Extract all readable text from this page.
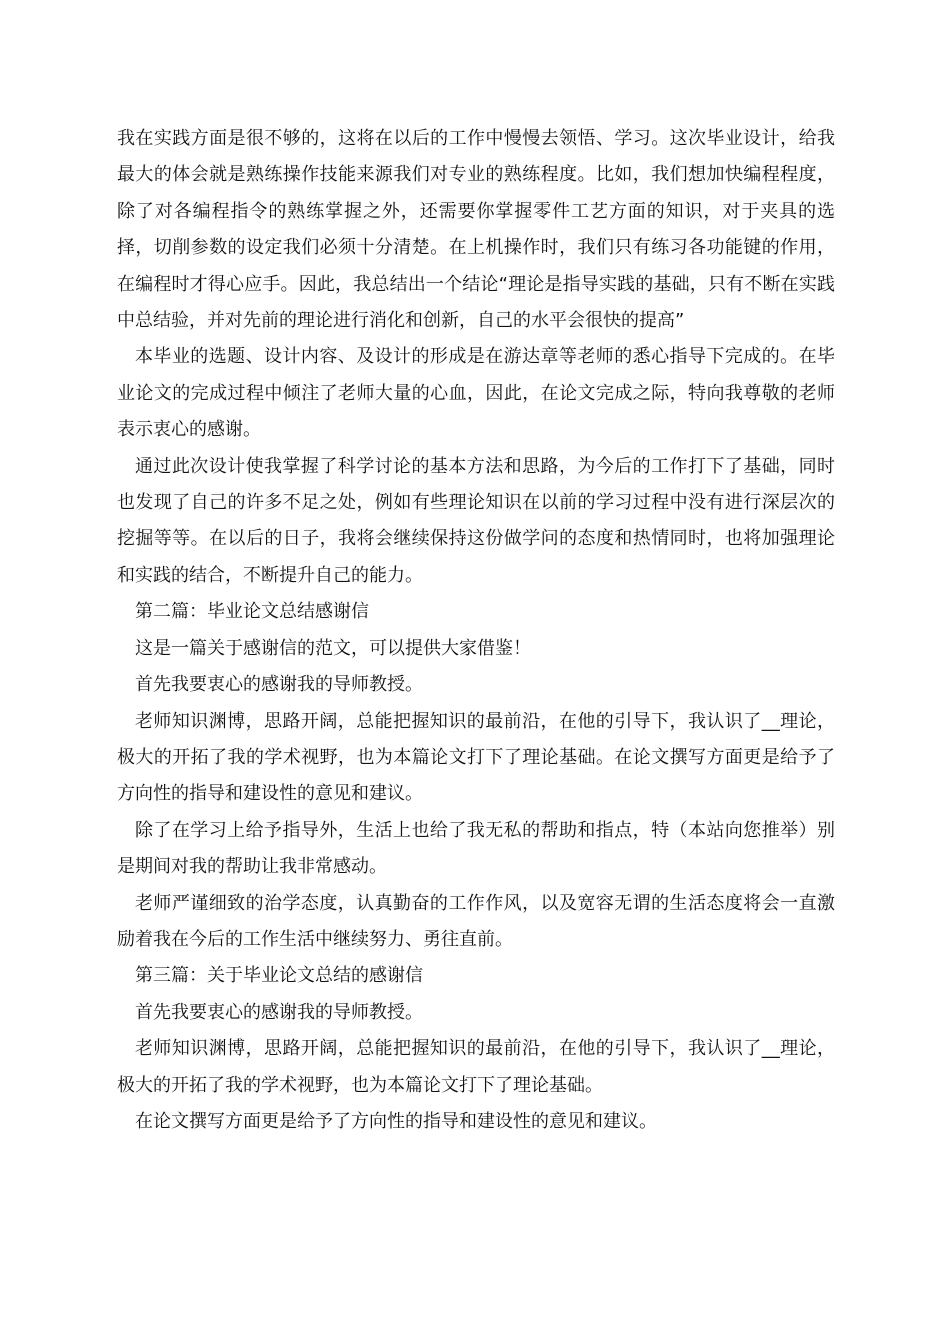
我在实践方面是很不够的，这将在以后的工作中慢慢去领悟、学习。这次毕业设计，给我最大的体会就是熟练操作技能来源我们对专业的熟练程度。比如，我们想加快编程程度，除了对各编程指令的熟练掌握之外，还需要你掌握零件工艺方面的知识，对于夹具的选择，切削参数的设定我们必须十分清楚。在上机操作时，我们只有练习各功能键的作用，在编程时才得心应手。因此，我总结出一个结论“理论是指导实践的基础，只有不断在实践中总结验，并对先前的理论进行消化和创新，自己的水平会很快的提高”

本毕业的选题、设计内容、及设计的形成是在游达章等老师的悉心指导下完成的。在毕业论文的完成过程中倾注了老师大量的心血，因此，在论文完成之际，特向我尊敬的老师表示衷心的感谢。

通过此次设计使我掌握了科学讨论的基本方法和思路，为今后的工作打下了基础，同时也发现了自己的许多不足之处，例如有些理论知识在以前的学习过程中没有进行深层次的挖掘等等。在以后的日子，我将会继续保持这份做学问的态度和热情同时，也将加强理论和实践的结合，不断提升自己的能力。

第二篇：毕业论文总结感谢信

这是一篇关于感谢信的范文，可以提供大家借鉴！

首先我要衷心的感谢我的导师教授。

老师知识渊博，思路开阔，总能把握知识的最前沿，在他的引导下，我认识了__理论，极大的开拓了我的学术视野，也为本篇论文打下了理论基础。在论文撰写方面更是给予了方向性的指导和建设性的意见和建议。

除了在学习上给予指导外，生活上也给了我无私的帮助和指点，特（本站向您推举）别是期间对我的帮助让我非常感动。

老师严谨细致的治学态度，认真勤奋的工作作风，以及宽容无谓的生活态度将会一直激励着我在今后的工作生活中继续努力、勇往直前。

第三篇：关于毕业论文总结的感谢信

首先我要衷心的感谢我的导师教授。

老师知识渊博，思路开阔，总能把握知识的最前沿，在他的引导下，我认识了__理论，极大的开拓了我的学术视野，也为本篇论文打下了理论基础。

在论文撰写方面更是给予了方向性的指导和建设性的意见和建议。
